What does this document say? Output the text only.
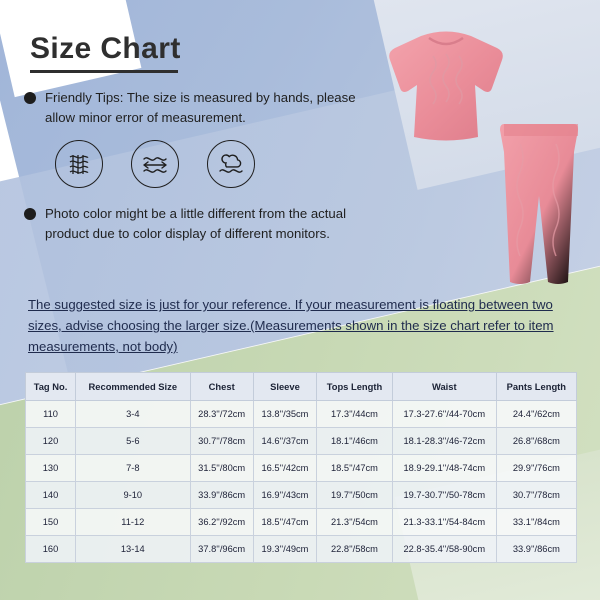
Size Chart
Friendly Tips: The size is measured by hands, please allow minor error of measurement.
Photo color might be a little different from the actual product due to color display of different monitors.
The suggested size is just for your reference. If your measurement is floating between two sizes, advise choosing the larger size.(Measurements shown in the size chart refer to item measurements, not body)
Tag No.	Recommended Size	Chest	Sleeve	Tops Length	Waist	Pants Length
110	3-4	28.3''/72cm	13.8''/35cm	17.3''/44cm	17.3-27.6''/44-70cm	24.4''/62cm
120	5-6	30.7''/78cm	14.6''/37cm	18.1''/46cm	18.1-28.3''/46-72cm	26.8''/68cm
130	7-8	31.5''/80cm	16.5''/42cm	18.5''/47cm	18.9-29.1''/48-74cm	29.9''/76cm
140	9-10	33.9''/86cm	16.9''/43cm	19.7''/50cm	19.7-30.7''/50-78cm	30.7''/78cm
150	11-12	36.2''/92cm	18.5''/47cm	21.3''/54cm	21.3-33.1''/54-84cm	33.1''/84cm
160	13-14	37.8''/96cm	19.3''/49cm	22.8''/58cm	22.8-35.4''/58-90cm	33.9''/86cm
